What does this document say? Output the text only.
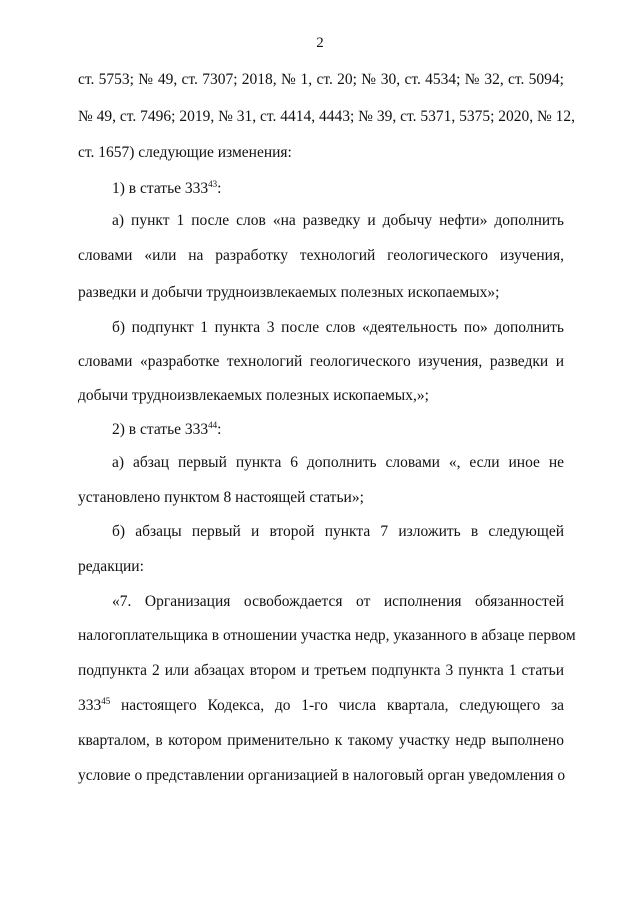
2
ст. 5753; № 49, ст. 7307; 2018, № 1, ст. 20; № 30, ст. 4534; № 32, ст. 5094;
№ 49, ст. 7496; 2019, № 31, ст. 4414, 4443; № 39, ст. 5371, 5375; 2020, № 12,
ст. 1657) следующие изменения:
1) в статье $333^{43}$:
а) пункт 1 после слов «на разведку и добычу нефти» дополнить
словами «или на разработку технологий геологического изучения,
разведки и добычи трудноизвлекаемых полезных ископаемых»;
б) подпункт 1 пункта 3 после слов «деятельность по» дополнить
словами «разработке технологий геологического изучения, разведки и
добычи трудноизвлекаемых полезных ископаемых,»;
2) в статье $333^{44}$:
а) абзац первый пункта 6 дополнить словами «, если иное не
установлено пунктом 8 настоящей статьи»;
б) абзацы первый и второй пункта 7 изложить в следующей
редакции:
«7. Организация освобождается от исполнения обязанностей
налогоплательщика в отношении участка недр, указанного в абзаце первом
подпункта 2 или абзацах втором и третьем подпункта 3 пункта 1 статьи
$333^{45}$ настоящего Кодекса, до 1-го числа квартала, следующего за
кварталом, в котором применительно к такому участку недр выполнено
условие о представлении организацией в налоговый орган уведомления о
